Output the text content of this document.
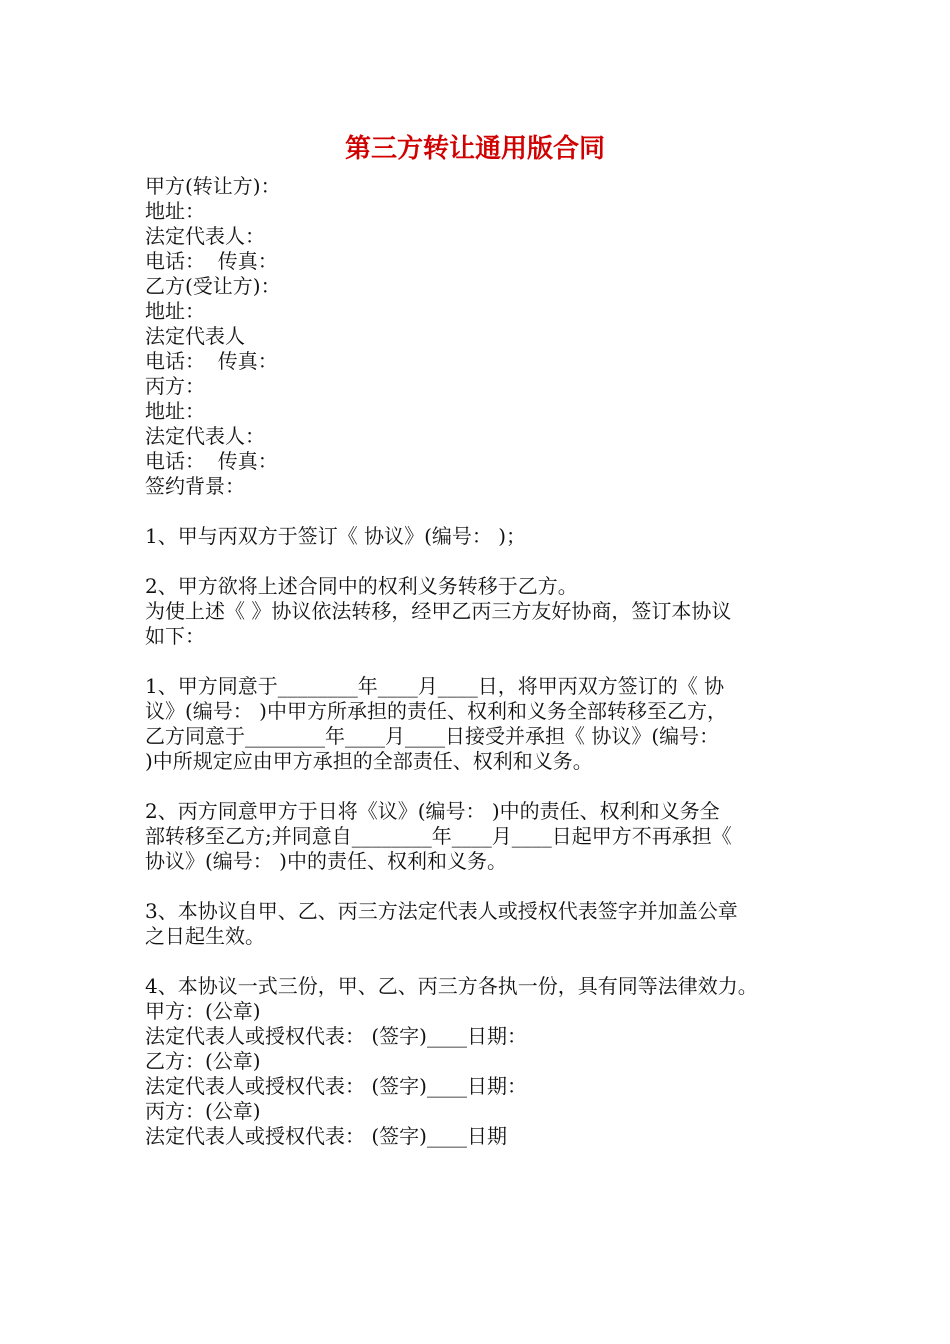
第三方转让通用版合同
甲方(转让方)：
地址：
法定代表人：
电话：  传真：
乙方(受让方)：
地址：
法定代表人
电话：  传真：
丙方：
地址：
法定代表人：
电话：  传真：
签约背景：
1、甲与丙双方于签订《 协议》(编号： )；
2、甲方欲将上述合同中的权利义务转移于乙方。
为使上述《 》协议依法转移，经甲乙丙三方友好协商，签订本协议
如下：
1、甲方同意于________年____月____日，将甲丙双方签订的《 协
议》(编号： )中甲方所承担的责任、权利和义务全部转移至乙方，
乙方同意于________年____月____日接受并承担《 协议》(编号：
)中所规定应由甲方承担的全部责任、权利和义务。
2、丙方同意甲方于日将《议》(编号： )中的责任、权利和义务全
部转移至乙方;并同意自________年____月____日起甲方不再承担《
协议》(编号： )中的责任、权利和义务。
3、本协议自甲、乙、丙三方法定代表人或授权代表签字并加盖公章
之日起生效。
4、本协议一式三份，甲、乙、丙三方各执一份，具有同等法律效力。
甲方：(公章)
法定代表人或授权代表： (签字)____日期：
乙方：(公章)
法定代表人或授权代表： (签字)____日期：
丙方：(公章)
法定代表人或授权代表： (签字)____日期
